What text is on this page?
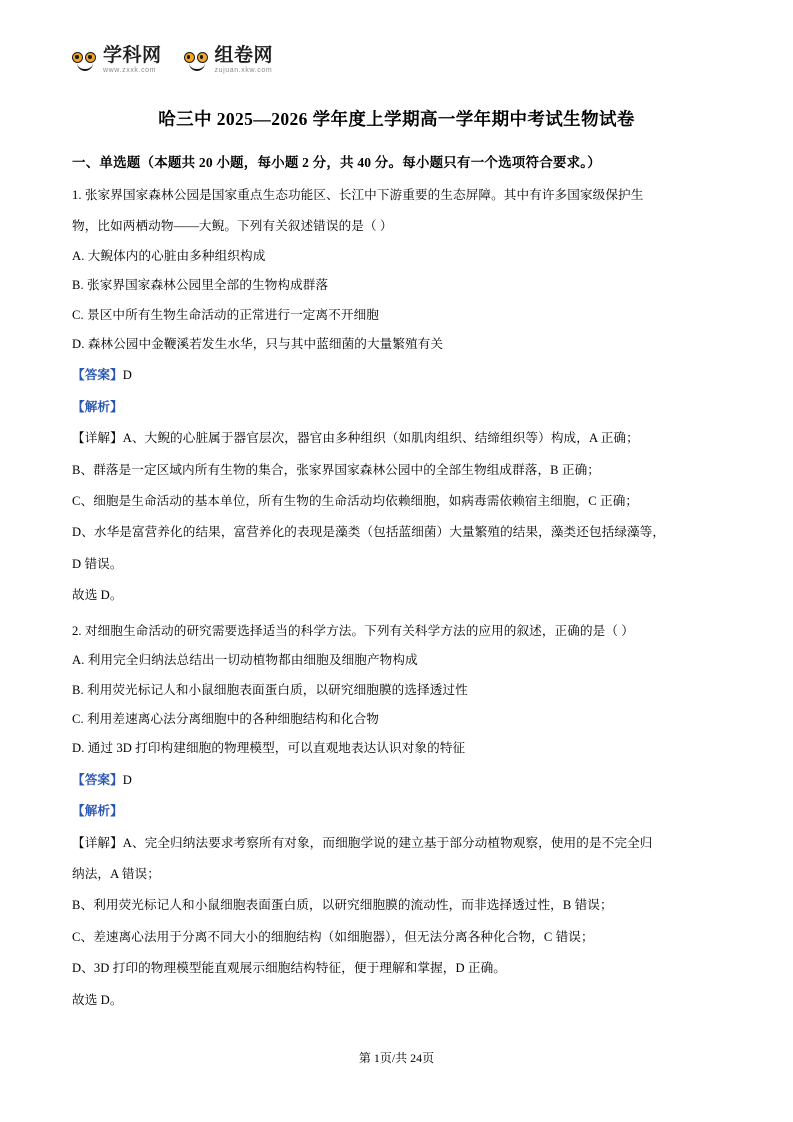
学科网
www.zxxk.com
组卷网
zujuan.xkw.com
哈三中 2025—2026 学年度上学期高一学年期中考试生物试卷
一、单选题（本题共 20 小题，每小题 2 分，共 40 分。每小题只有一个选项符合要求。）

1. 张家界国家森林公园是国家重点生态功能区、长江中下游重要的生态屏障。其中有许多国家级保护生

物，比如两栖动物——大鲵。下列有关叙述错误的是（ ）

A. 大鲵体内的心脏由多种组织构成

B. 张家界国家森林公园里全部的生物构成群落

C. 景区中所有生物生命活动的正常进行一定离不开细胞

D. 森林公园中金鞭溪若发生水华，只与其中蓝细菌的大量繁殖有关

【答案】D

【解析】

【详解】A、大鲵的心脏属于器官层次，器官由多种组织（如肌肉组织、结缔组织等）构成，A 正确；

B、群落是一定区域内所有生物的集合，张家界国家森林公园中的全部生物组成群落，B 正确；

C、细胞是生命活动的基本单位，所有生物的生命活动均依赖细胞，如病毒需依赖宿主细胞，C 正确；

D、水华是富营养化的结果，富营养化的表现是藻类（包括蓝细菌）大量繁殖的结果，藻类还包括绿藻等，

D 错误。

故选 D。

2. 对细胞生命活动的研究需要选择适当的科学方法。下列有关科学方法的应用的叙述，正确的是（ ）

A. 利用完全归纳法总结出一切动植物都由细胞及细胞产物构成

B. 利用荧光标记人和小鼠细胞表面蛋白质，以研究细胞膜的选择透过性

C. 利用差速离心法分离细胞中的各种细胞结构和化合物

D. 通过 3D 打印构建细胞的物理模型，可以直观地表达认识对象的特征

【答案】D

【解析】

【详解】A、完全归纳法要求考察所有对象，而细胞学说的建立基于部分动植物观察，使用的是不完全归

纳法，A 错误；

B、利用荧光标记人和小鼠细胞表面蛋白质，以研究细胞膜的流动性，而非选择透过性，B 错误；

C、差速离心法用于分离不同大小的细胞结构（如细胞器），但无法分离各种化合物，C 错误；

D、3D 打印的物理模型能直观展示细胞结构特征，便于理解和掌握，D 正确。

故选 D。

第 1页/共 24页
